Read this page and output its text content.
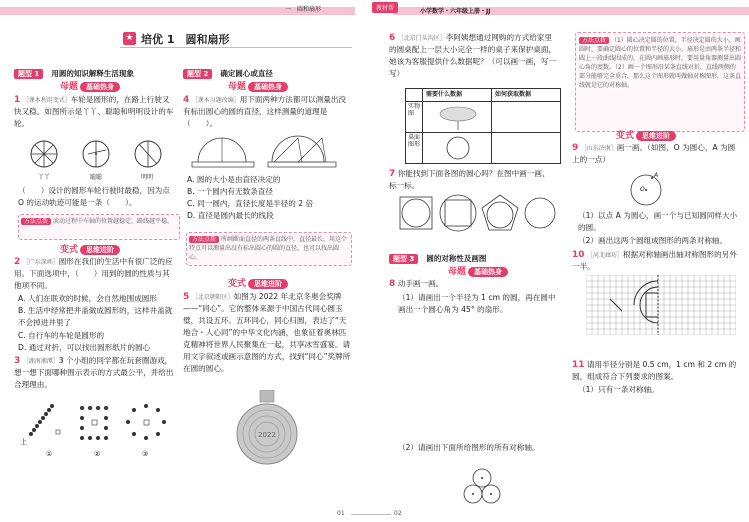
一　圆和扇形	教材帮	小学数学・六年级上册・JJ
★ 培优 1　圆和扇形
题型 1 用圆的知识解释生活现象
母题 基础热身
1 ［课本利用变式］车轮是圆形的，在路上行驶又快又稳。如图所示是丫丫、聪聪和明明设计的车轮。
丫丫	聪聪	明明
（　　）设计的圆形车轮行驶时最稳，因为点 O 的运动轨迹可能是一条（　　）。
方法点拨 滚动过程中车轴的位置越稳定，路线越平稳。
变式 思维进阶
2 ［广东深圳］圆形在我们的生活中有很广泛的应用。下面选项中，（　　）用到的圆的性质与其他项不同。
A. 人们在联欢的时候，会自然地围成圆形
B. 生活中经常把井盖做成圆形的，这样井盖就不会掉进井里了
C. 自行车的车轮是圆形的
D. 通过对折，可以找出圆形纸片的圆心
3 ［湖南湘潭］3 个小组的同学都在玩套圈游戏，想一想下面哪种围示表示的方式最公平，并给出合理理由。
上
①	②	③
题型 2 确定圆心或直径
母题 基础热身
4 ［课本习题改编］用下面两种方法都可以测量出没有标出圆心的圆的直径，这样测量的道理是（　　）。
A. 圆的大小是由直径决定的
B. 一个圆内有无数条直径
C. 同一圆内，直径长度是半径的 2 倍
D. 直径是圆内最长的线段
方法点拨 所画断面直径的两条直线中，直径最长，用这个特点可以测量出没有标出圆心的圆的直径，也可以找出圆心。
变式 思维进阶
5 ［北京朝阳区］如图为 2022 年北京冬奥会奖牌——“同心”。它的整体来源于中国古代同心圆玉璧，共设五环。五环同心，同心归圆，表达了“天地合・人心同”的中华文化内涵，也象征着奥林匹克精神将世界人民聚集在一起，共享冰雪盛宴。请用文字叙述或画示意图的方式，找到“同心”奖牌所在圆的圆心。
2022
6 ［北京门头沟区］李阿姨想通过网购的方式给家里的圆桌配上一层大小完全一样的桌子来保护桌面，她该为客服提供什么数据呢？（可以画一画，写一写）
需要什么数据	如何获取数据
实物图
桌面图形
7 你能找到下面各图的圆心吗？在图中画一画、标一标。
题型 3 圆的对称性及画图
母题 基础热身
8 动手画一画。
（1）请画出一个半径为 1 cm 的圆，再在圆中画出一个圆心角为 45° 的扇形。
（2）请画出下面所给图形的所有对称轴。
方法点拨 （1）圆心决定圆的位置，半径决定圆的大小，画圆时，要确定圆心的位置和半径的大小。扇形是由两条半径和圆上一段曲线围成的，在圆内画扇形时，要用量角器测量出圆心角的度数。（2）画一个图形沿某条直线对折，直线两侧的部分能够完全重合，那么这个图形就叫做轴对称图形，这条直线就是它的对称轴。
变式 思维进阶
9 ［山东济南］画一画。（如图，O 为圆心，A 为圆上的一点）
O
A
（1）以点 A 为圆心，画一个与已知圆同样大小的圆。
（2）画出这两个圆组成图形的两条对称轴。
10 ［河北廊坊］根据对称轴画出轴对称图形的另外一半。
11 请用半径分别是 0.5 cm，1 cm 和 2 cm 的圆，组成符合下列要求的图案。
（1）只有一条对称轴。
01	02
